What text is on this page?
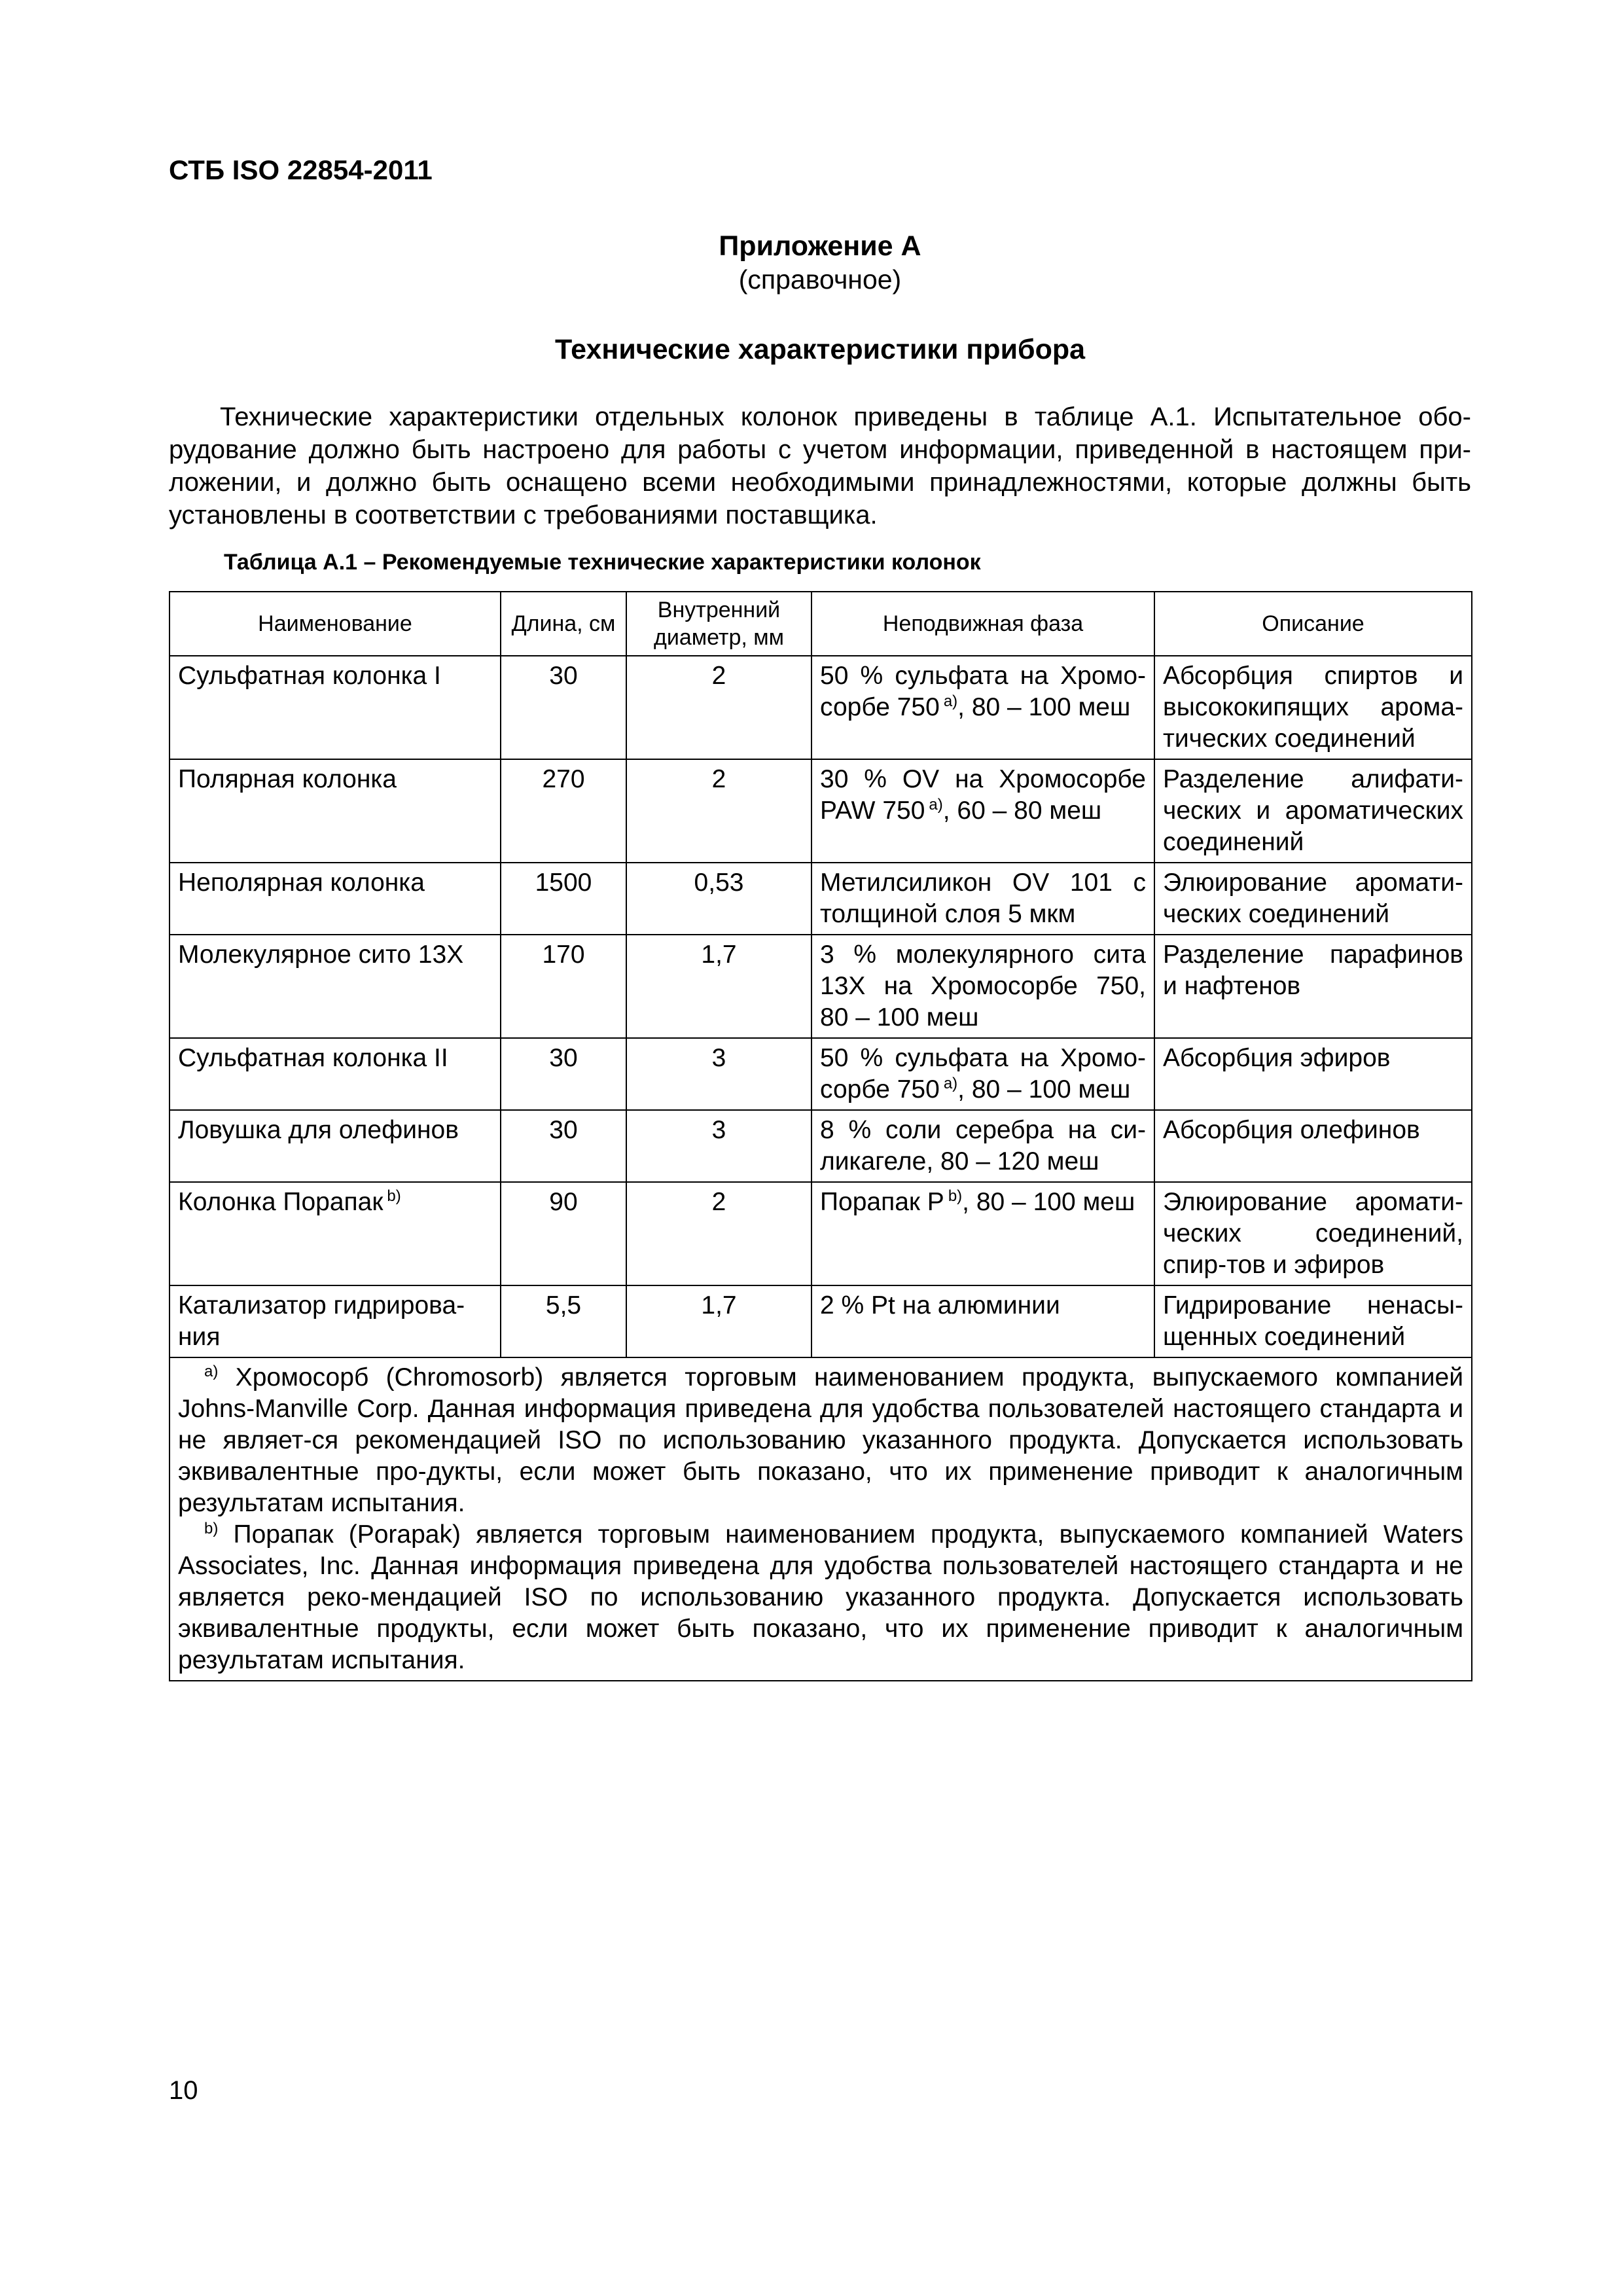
СТБ ISO 22854-2011
Приложение А
(справочное)
Технические характеристики прибора
Технические характеристики отдельных колонок приведены в таблице А.1. Испытательное обо-
рудование должно быть настроено для работы с учетом информации, приведенной в настоящем при-
ложении, и должно быть оснащено всеми необходимыми принадлежностями, которые должны быть
установлены в соответствии с требованиями поставщика.
Таблица А.1 – Рекомендуемые технические характеристики колонок
Наименование	Длина, см	Внутренний диаметр, мм	Неподвижная фаза	Описание
Сульфатная колонка I	30	2	50 % сульфата на Хромо-сорбе 750 $^{a)}$, 80 – 100 меш	Абсорбция спиртов и высококипящих арома-тических соединений
Полярная колонка	270	2	30 % OV на Хромосорбе PAW 750 $^{a)}$, 60 – 80 меш	Разделение алифати-ческих и ароматических соединений
Неполярная колонка	1500	0,53	Метилсиликон OV 101 с толщиной слоя 5 мкм	Элюирование аромати-ческих соединений
Молекулярное сито 13X	170	1,7	3 % молекулярного сита 13X на Хромосорбе 750, 80 – 100 меш	Разделение парафинов и нафтенов
Сульфатная колонка II	30	3	50 % сульфата на Хромо-сорбе 750 $^{a)}$, 80 – 100 меш	Абсорбция эфиров
Ловушка для олефинов	30	3	8 % соли серебра на си-ликагеле, 80 – 120 меш	Абсорбция олефинов
Колонка Порапак $^{b)}$	90	2	Порапак P $^{b)}$, 80 – 100 меш	Элюирование аромати-ческих соединений, спир-тов и эфиров
Катализатор гидрирова-ния	5,5	1,7	2 % Pt на алюминии	Гидрирование ненасы-щенных соединений

$^{a)}$ Хромосорб (Chromosorb) является торговым наименованием продукта, выпускаемого компанией Johns-Manville Corp. Данная информация приведена для удобства пользователей настоящего стандарта и не являет-ся рекомендацией ISO по использованию указанного продукта. Допускается использовать эквивалентные про-дукты, если может быть показано, что их применение приводит к аналогичным результатам испытания.

$^{b)}$ Порапак (Porapak) является торговым наименованием продукта, выпускаемого компанией Waters Associates, Inc. Данная информация приведена для удобства пользователей настоящего стандарта и не является реко-мендацией ISO по использованию указанного продукта. Допускается использовать эквивалентные продукты, если может быть показано, что их применение приводит к аналогичным результатам испытания.				

10
